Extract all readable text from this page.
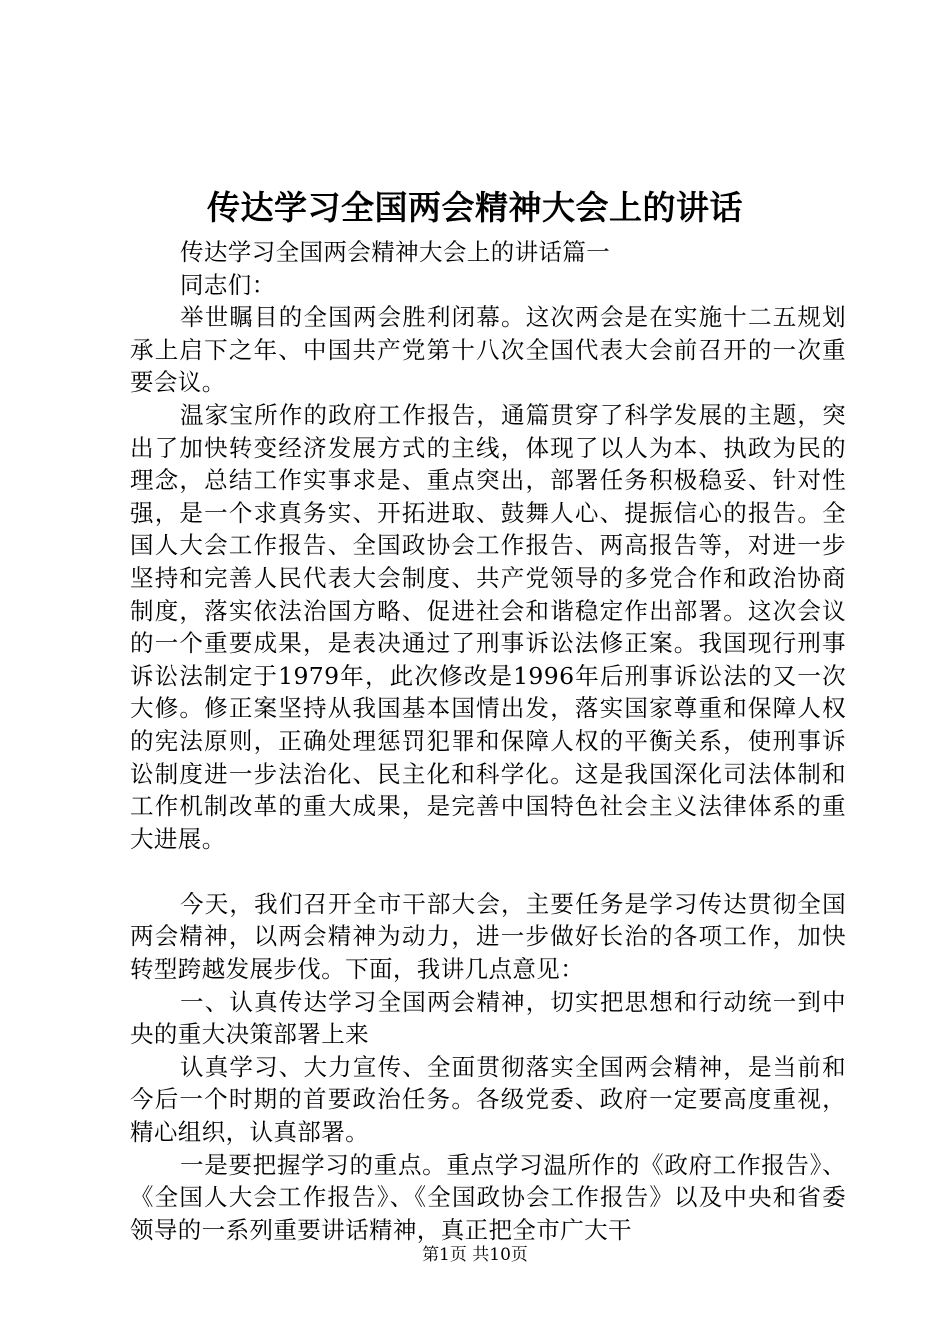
传达学习全国两会精神大会上的讲话

传达学习全国两会精神大会上的讲话篇一

同志们：

举世瞩目的全国两会胜利闭幕。这次两会是在实施十二五规划承上启下之年、中国共产党第十八次全国代表大会前召开的一次重要会议。

温家宝所作的政府工作报告，通篇贯穿了科学发展的主题，突出了加快转变经济发展方式的主线，体现了以人为本、执政为民的理念，总结工作实事求是、重点突出，部署任务积极稳妥、针对性强，是一个求真务实、开拓进取、鼓舞人心、提振信心的报告。全国人大会工作报告、全国政协会工作报告、两高报告等，对进一步坚持和完善人民代表大会制度、共产党领导的多党合作和政治协商制度，落实依法治国方略、促进社会和谐稳定作出部署。这次会议的一个重要成果，是表决通过了刑事诉讼法修正案。我国现行刑事诉讼法制定于1979年，此次修改是1996年后刑事诉讼法的又一次大修。修正案坚持从我国基本国情出发，落实国家尊重和保障人权的宪法原则，正确处理惩罚犯罪和保障人权的平衡关系，使刑事诉讼制度进一步法治化、民主化和科学化。这是我国深化司法体制和工作机制改革的重大成果，是完善中国特色社会主义法律体系的重大进展。

今天，我们召开全市干部大会，主要任务是学习传达贯彻全国两会精神，以两会精神为动力，进一步做好长治的各项工作，加快转型跨越发展步伐。下面，我讲几点意见：

一、认真传达学习全国两会精神，切实把思想和行动统一到中央的重大决策部署上来

认真学习、大力宣传、全面贯彻落实全国两会精神，是当前和今后一个时期的首要政治任务。各级党委、政府一定要高度重视，精心组织，认真部署。

一是要把握学习的重点。重点学习温所作的《政府工作报告》、《全国人大会工作报告》、《全国政协会工作报告》以及中央和省委领导的一系列重要讲话精神，真正把全市广大干

第1页 共10页
